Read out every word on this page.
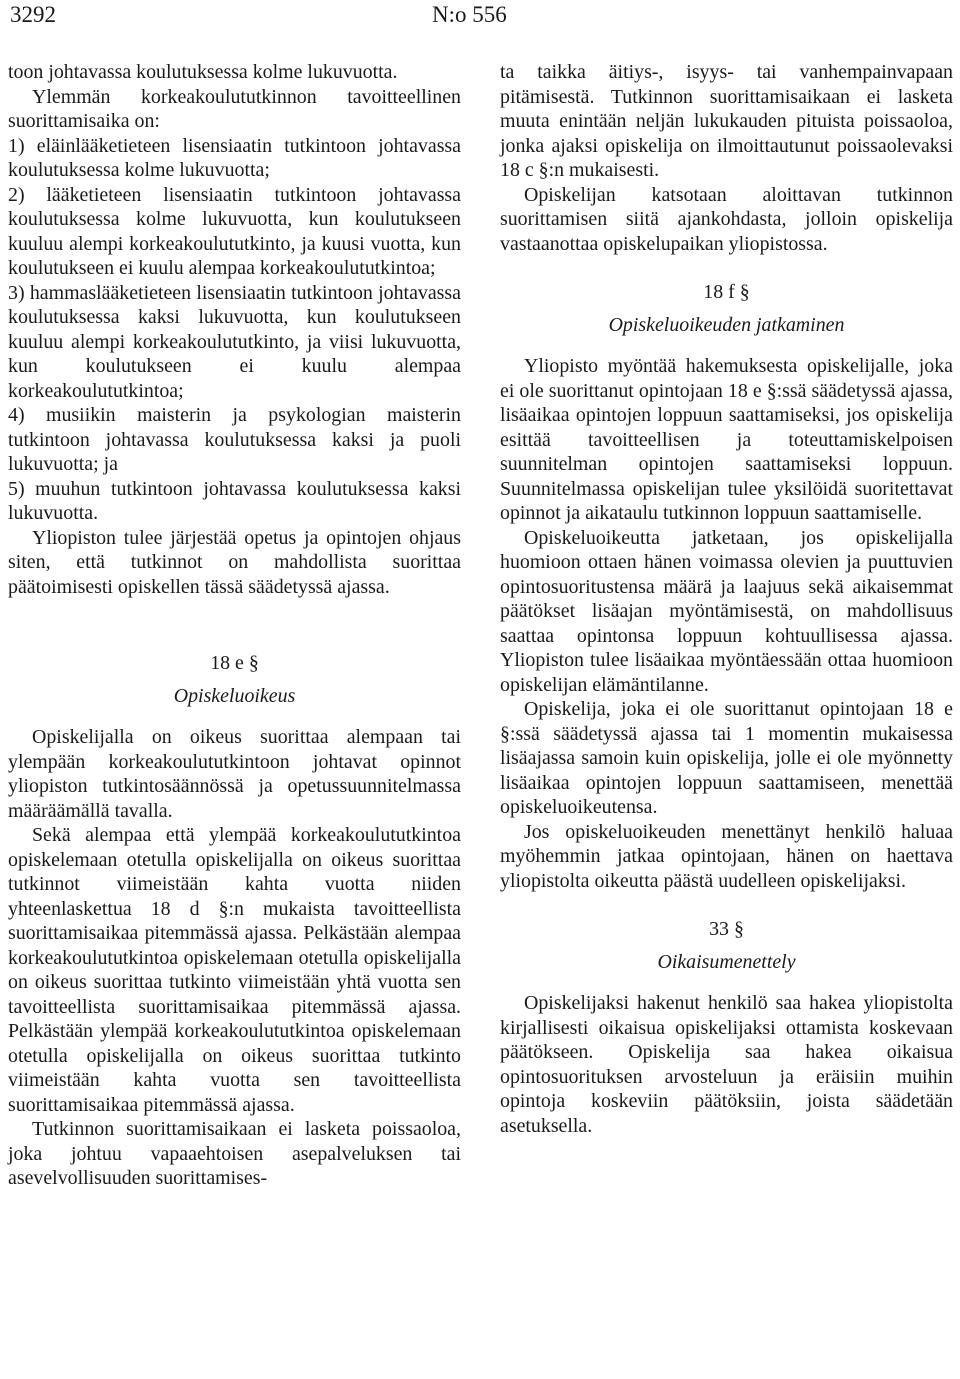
3292	N:o 556

toon johtavassa koulutuksessa kolme lukuvuotta.

Ylemmän korkeakoulututkinnon tavoitteellinen suorittamisaika on:

1) eläinlääketieteen lisensiaatin tutkintoon johtavassa koulutuksessa kolme lukuvuotta;

2) lääketieteen lisensiaatin tutkintoon johtavassa koulutuksessa kolme lukuvuotta, kun koulutukseen kuuluu alempi korkeakoulututkinto, ja kuusi vuotta, kun koulutukseen ei kuulu alempaa korkeakoulututkintoa;

3) hammaslääketieteen lisensiaatin tutkintoon johtavassa koulutuksessa kaksi lukuvuotta, kun koulutukseen kuuluu alempi korkeakoulututkinto, ja viisi lukuvuotta, kun koulutukseen ei kuulu alempaa korkeakoulututkintoa;

4) musiikin maisterin ja psykologian maisterin tutkintoon johtavassa koulutuksessa kaksi ja puoli lukuvuotta; ja

5) muuhun tutkintoon johtavassa koulutuksessa kaksi lukuvuotta.

Yliopiston tulee järjestää opetus ja opintojen ohjaus siten, että tutkinnot on mahdollista suorittaa päätoimisesti opiskellen tässä säädetyssä ajassa.

18 e §

Opiskeluoikeus

Opiskelijalla on oikeus suorittaa alempaan tai ylempään korkeakoulututkintoon johtavat opinnot yliopiston tutkintosäännössä ja opetussuunnitelmassa määräämällä tavalla.

Sekä alempaa että ylempää korkeakoulututkintoa opiskelemaan otetulla opiskelijalla on oikeus suorittaa tutkinnot viimeistään kahta vuotta niiden yhteenlaskettua 18 d §:n mukaista tavoitteellista suorittamisaikaa pitemmässä ajassa. Pelkästään alempaa korkeakoulututkintoa opiskelemaan otetulla opiskelijalla on oikeus suorittaa tutkinto viimeistään yhtä vuotta sen tavoitteellista suorittamisaikaa pitemmässä ajassa. Pelkästään ylempää korkeakoulututkintoa opiskelemaan otetulla opiskelijalla on oikeus suorittaa tutkinto viimeistään kahta vuotta sen tavoitteellista suorittamisaikaa pitemmässä ajassa.

Tutkinnon suorittamisaikaan ei lasketa poissaoloa, joka johtuu vapaaehtoisen asepalveluksen tai asevelvollisuuden suorittamises-

ta taikka äitiys-, isyys- tai vanhempainvapaan pitämisestä. Tutkinnon suorittamisaikaan ei lasketa muuta enintään neljän lukukauden pituista poissaoloa, jonka ajaksi opiskelija on ilmoittautunut poissaolevaksi 18 c §:n mukaisesti.

Opiskelijan katsotaan aloittavan tutkinnon suorittamisen siitä ajankohdasta, jolloin opiskelija vastaanottaa opiskelupaikan yliopistossa.

18 f §

Opiskeluoikeuden jatkaminen

Yliopisto myöntää hakemuksesta opiskelijalle, joka ei ole suorittanut opintojaan 18 e §:ssä säädetyssä ajassa, lisäaikaa opintojen loppuun saattamiseksi, jos opiskelija esittää tavoitteellisen ja toteuttamiskelpoisen suunnitelman opintojen saattamiseksi loppuun. Suunnitelmassa opiskelijan tulee yksilöidä suoritettavat opinnot ja aikataulu tutkinnon loppuun saattamiselle.

Opiskeluoikeutta jatketaan, jos opiskelijalla huomioon ottaen hänen voimassa olevien ja puuttuvien opintosuoritustensa määrä ja laajuus sekä aikaisemmat päätökset lisäajan myöntämisestä, on mahdollisuus saattaa opintonsa loppuun kohtuullisessa ajassa. Yliopiston tulee lisäaikaa myöntäessään ottaa huomioon opiskelijan elämäntilanne.

Opiskelija, joka ei ole suorittanut opintojaan 18 e §:ssä säädetyssä ajassa tai 1 momentin mukaisessa lisäajassa samoin kuin opiskelija, jolle ei ole myönnetty lisäaikaa opintojen loppuun saattamiseen, menettää opiskeluoikeutensa.

Jos opiskeluoikeuden menettänyt henkilö haluaa myöhemmin jatkaa opintojaan, hänen on haettava yliopistolta oikeutta päästä uudelleen opiskelijaksi.

33 §

Oikaisumenettely

Opiskelijaksi hakenut henkilö saa hakea yliopistolta kirjallisesti oikaisua opiskelijaksi ottamista koskevaan päätökseen. Opiskelija saa hakea oikaisua opintosuorituksen arvosteluun ja eräisiin muihin opintoja koskeviin päätöksiin, joista säädetään asetuksella.
